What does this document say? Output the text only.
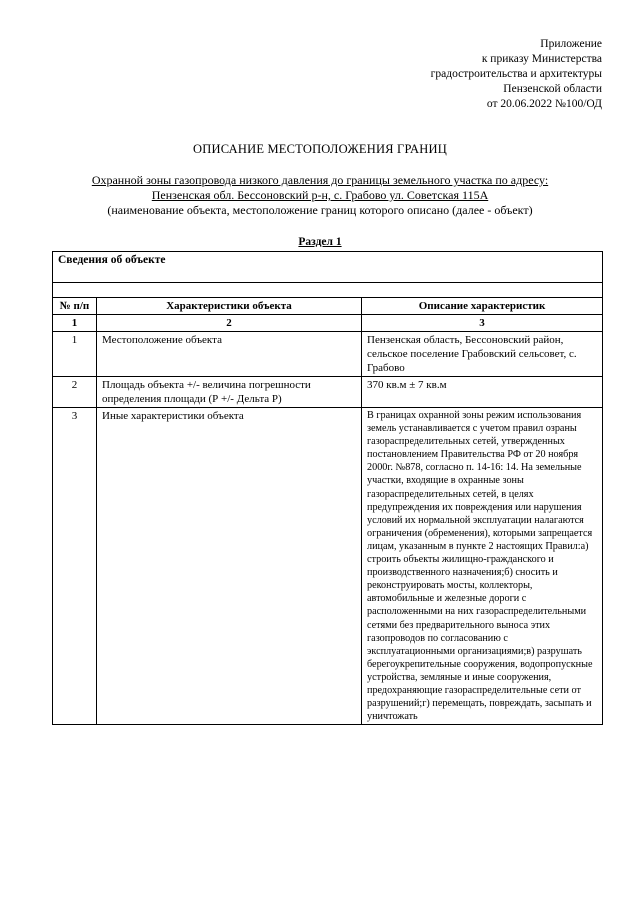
Приложение
к приказу Министерства
градостроительства и архитектуры
Пензенской области
от 20.06.2022 №100/ОД
ОПИСАНИЕ МЕСТОПОЛОЖЕНИЯ ГРАНИЦ
Охранной зоны газопровода низкого давления до границы земельного участка по адресу:
Пензенская обл. Бессоновский р-н, с. Грабово ул. Советская 115А
(наименование объекта, местоположение границ которого описано (далее - объект)
Раздел 1
Сведения об объекте		

№ п/п	Характеристики объекта	Описание характеристик
1	2	3
1	Местоположение объекта	Пензенская область, Бессоновский район, сельское поселение Грабовский сельсовет, с. Грабово
2	Площадь объекта +/- величина погрешности определения площади (Р +/- Дельта Р)	370 кв.м ± 7 кв.м
3	Иные характеристики объекта	В границах охранной зоны режим использования земель устанавливается с учетом правил озраны газораспределительных сетей, утвержденных постановлением Правительства РФ от 20 ноября 2000г. №878, согласно п. 14-16: 14. На земельные участки, входящие в охранные зоны газораспределительных сетей, в целях предупреждения их повреждения или нарушения условий их нормальной эксплуатации налагаются ограничения (обременения), которыми запрещается лицам, указанным в пункте 2 настоящих Правил:а) строить объекты жилищно-гражданского и производственного назначения;б) сносить и реконструировать мосты, коллекторы, автомобильные и железные дороги с расположенными на них газораспределительными сетями без предварительного выноса этих газопроводов по согласованию с эксплуатационными организациями;в) разрушать берегоукрепительные сооружения, водопропускные устройства, земляные и иные сооружения, предохраняющие газораспределительные сети от разрушений;г) перемещать, повреждать, засыпать и уничтожать
